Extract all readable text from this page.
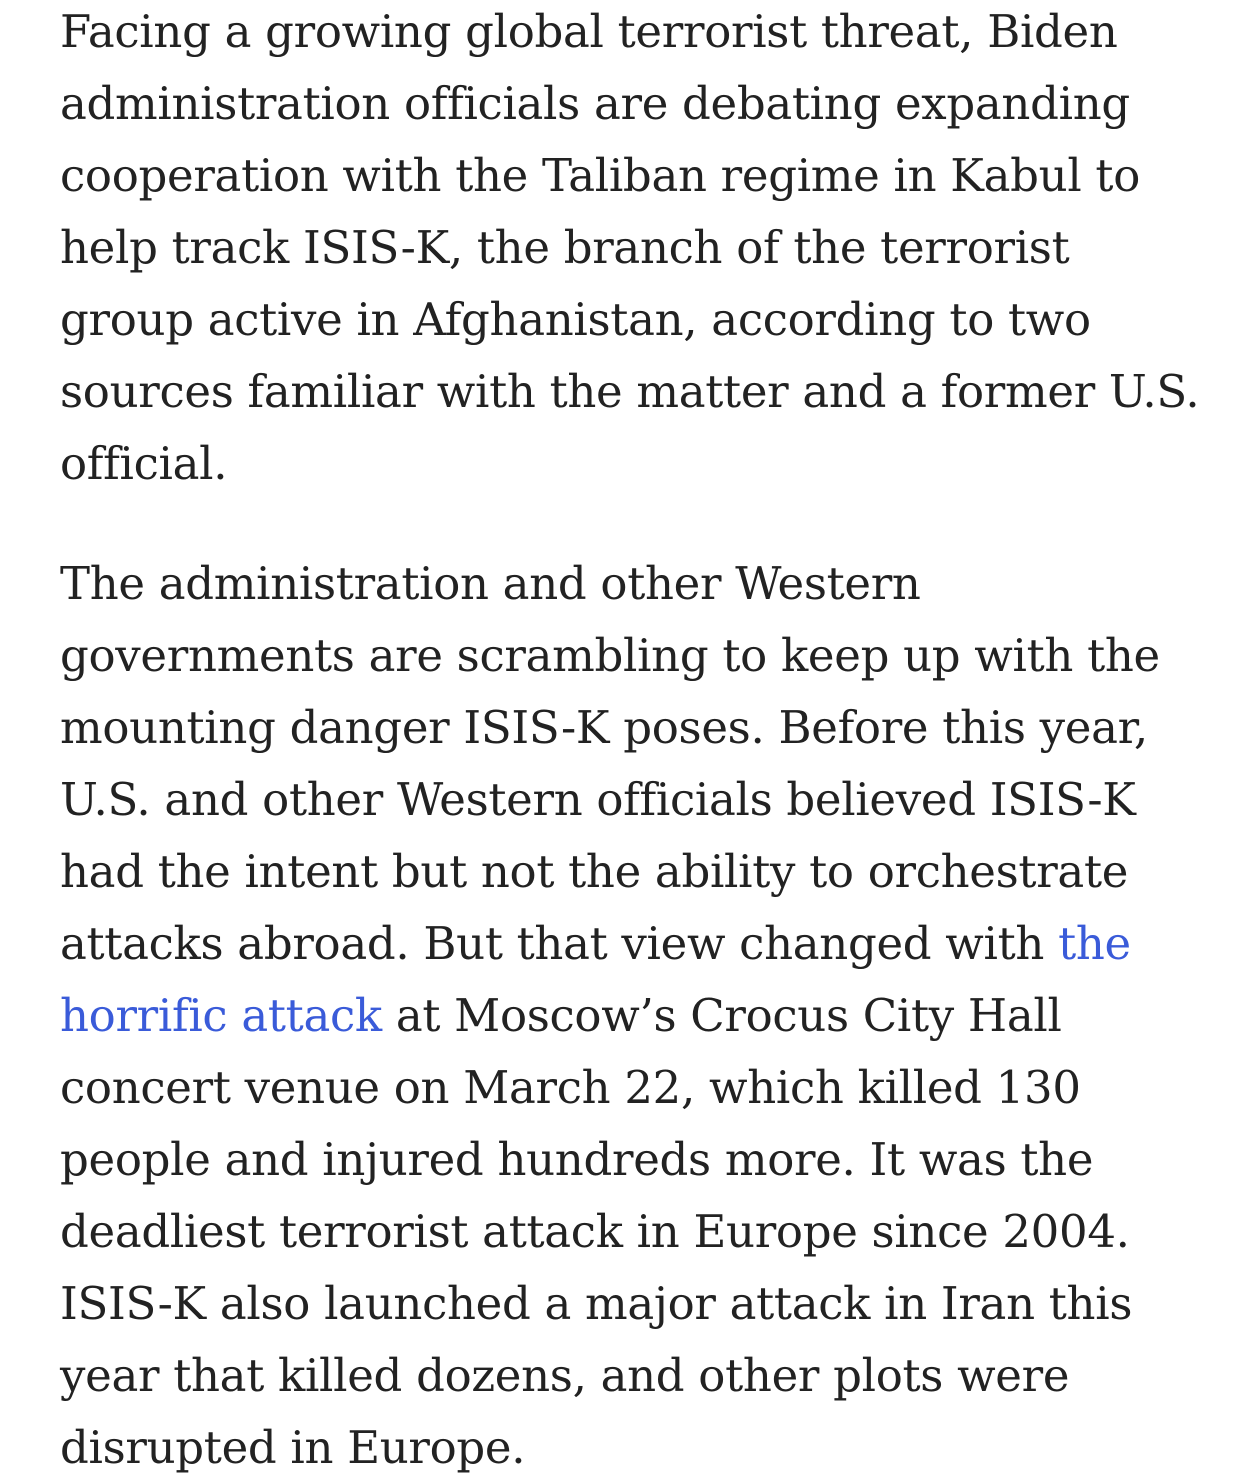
Facing a growing global terrorist threat, Biden administration officials are debating expanding cooperation with the Taliban regime in Kabul to help track ISIS-K, the branch of the terrorist group active in Afghanistan, according to two sources familiar with the matter and a former U.S. official.

The administration and other Western governments are scrambling to keep up with the mounting danger ISIS-K poses. Before this year, U.S. and other Western officials believed ISIS-K had the intent but not the ability to orchestrate attacks abroad. But that view changed with the horrific attack at Moscow’s Crocus City Hall concert venue on March 22, which killed 130 people and injured hundreds more. It was the deadliest terrorist attack in Europe since 2004. ISIS-K also launched a major attack in Iran this year that killed dozens, and other plots were disrupted in Europe.
